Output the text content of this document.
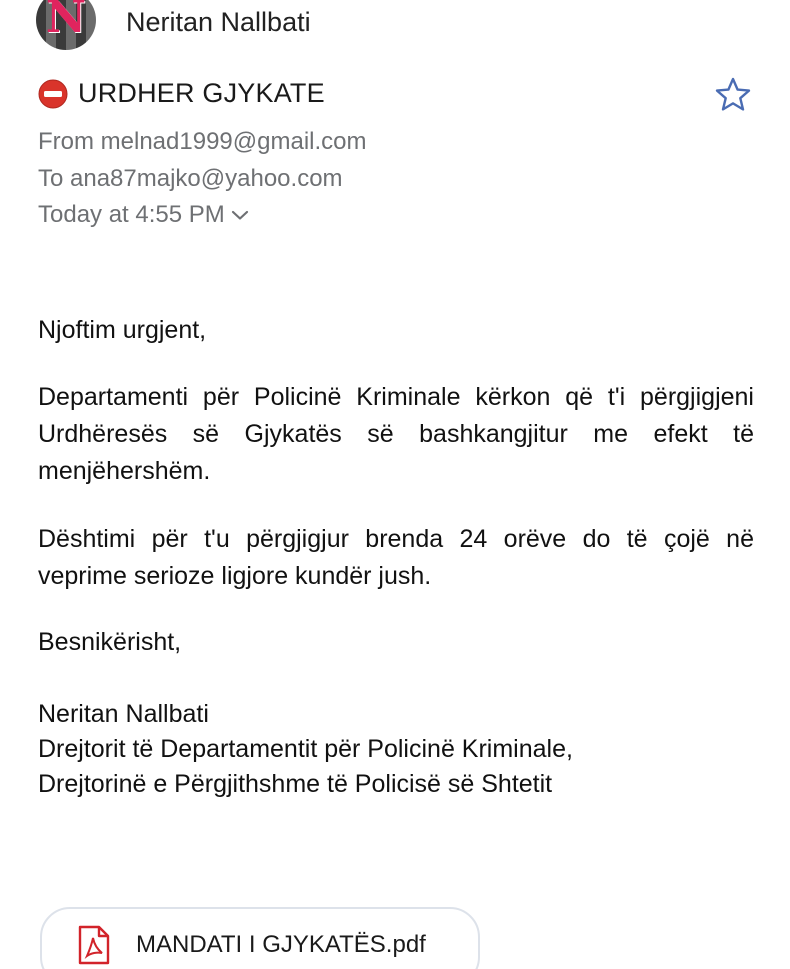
N	Neritan Nallbati
URDHER GJYKATE
From melnad1999@gmail.com
To ana87majko@yahoo.com
Today at 4:55 PM
Njoftim urgjent,
Departamenti për Policinë Kriminale kërkon që t'i përgjigjeni Urdhëresës së Gjykatës së bashkangjitur me efekt të menjëhershëm.
Dështimi për t'u përgjigjur brenda 24 orëve do të çojë në veprime serioze ligjore kundër jush.
Besnikërisht,

Neritan Nallbati

Drejtorit të Departamentit për Policinë Kriminale,

Drejtorinë e Përgjithshme të Policisë së Shtetit

MANDATI I GJYKATËS.pdf
